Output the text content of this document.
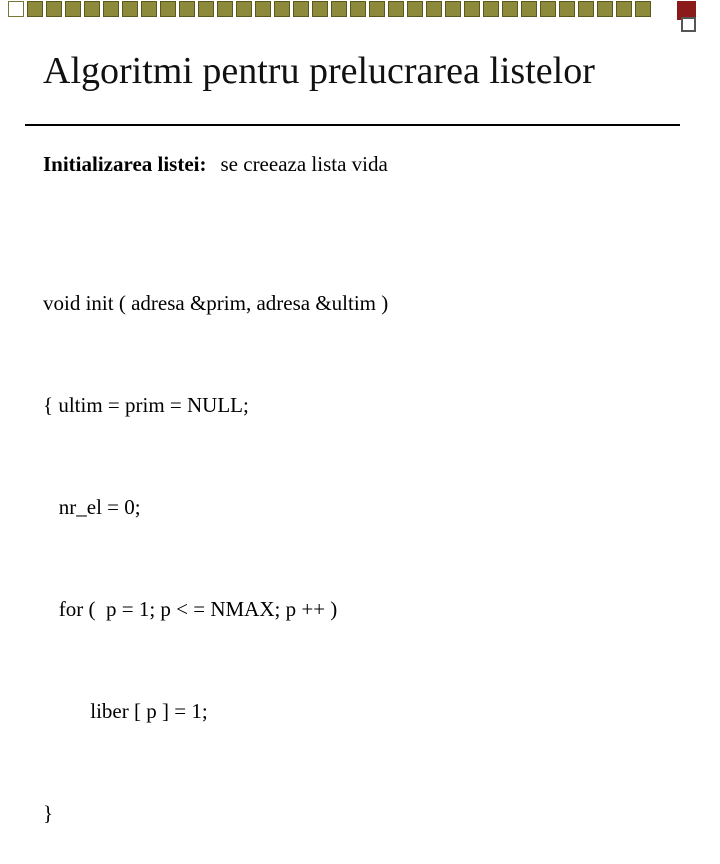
Algoritmi pentru prelucrarea listelor
Initializarea listei: se creeaza lista vida

void init ( adresa &prim, adresa &ultim )

{ ultim = prim = NULL;

nr_el = 0;

for (  p = 1; p < = NMAX; p ++ )

liber [ p ] = 1;

}
